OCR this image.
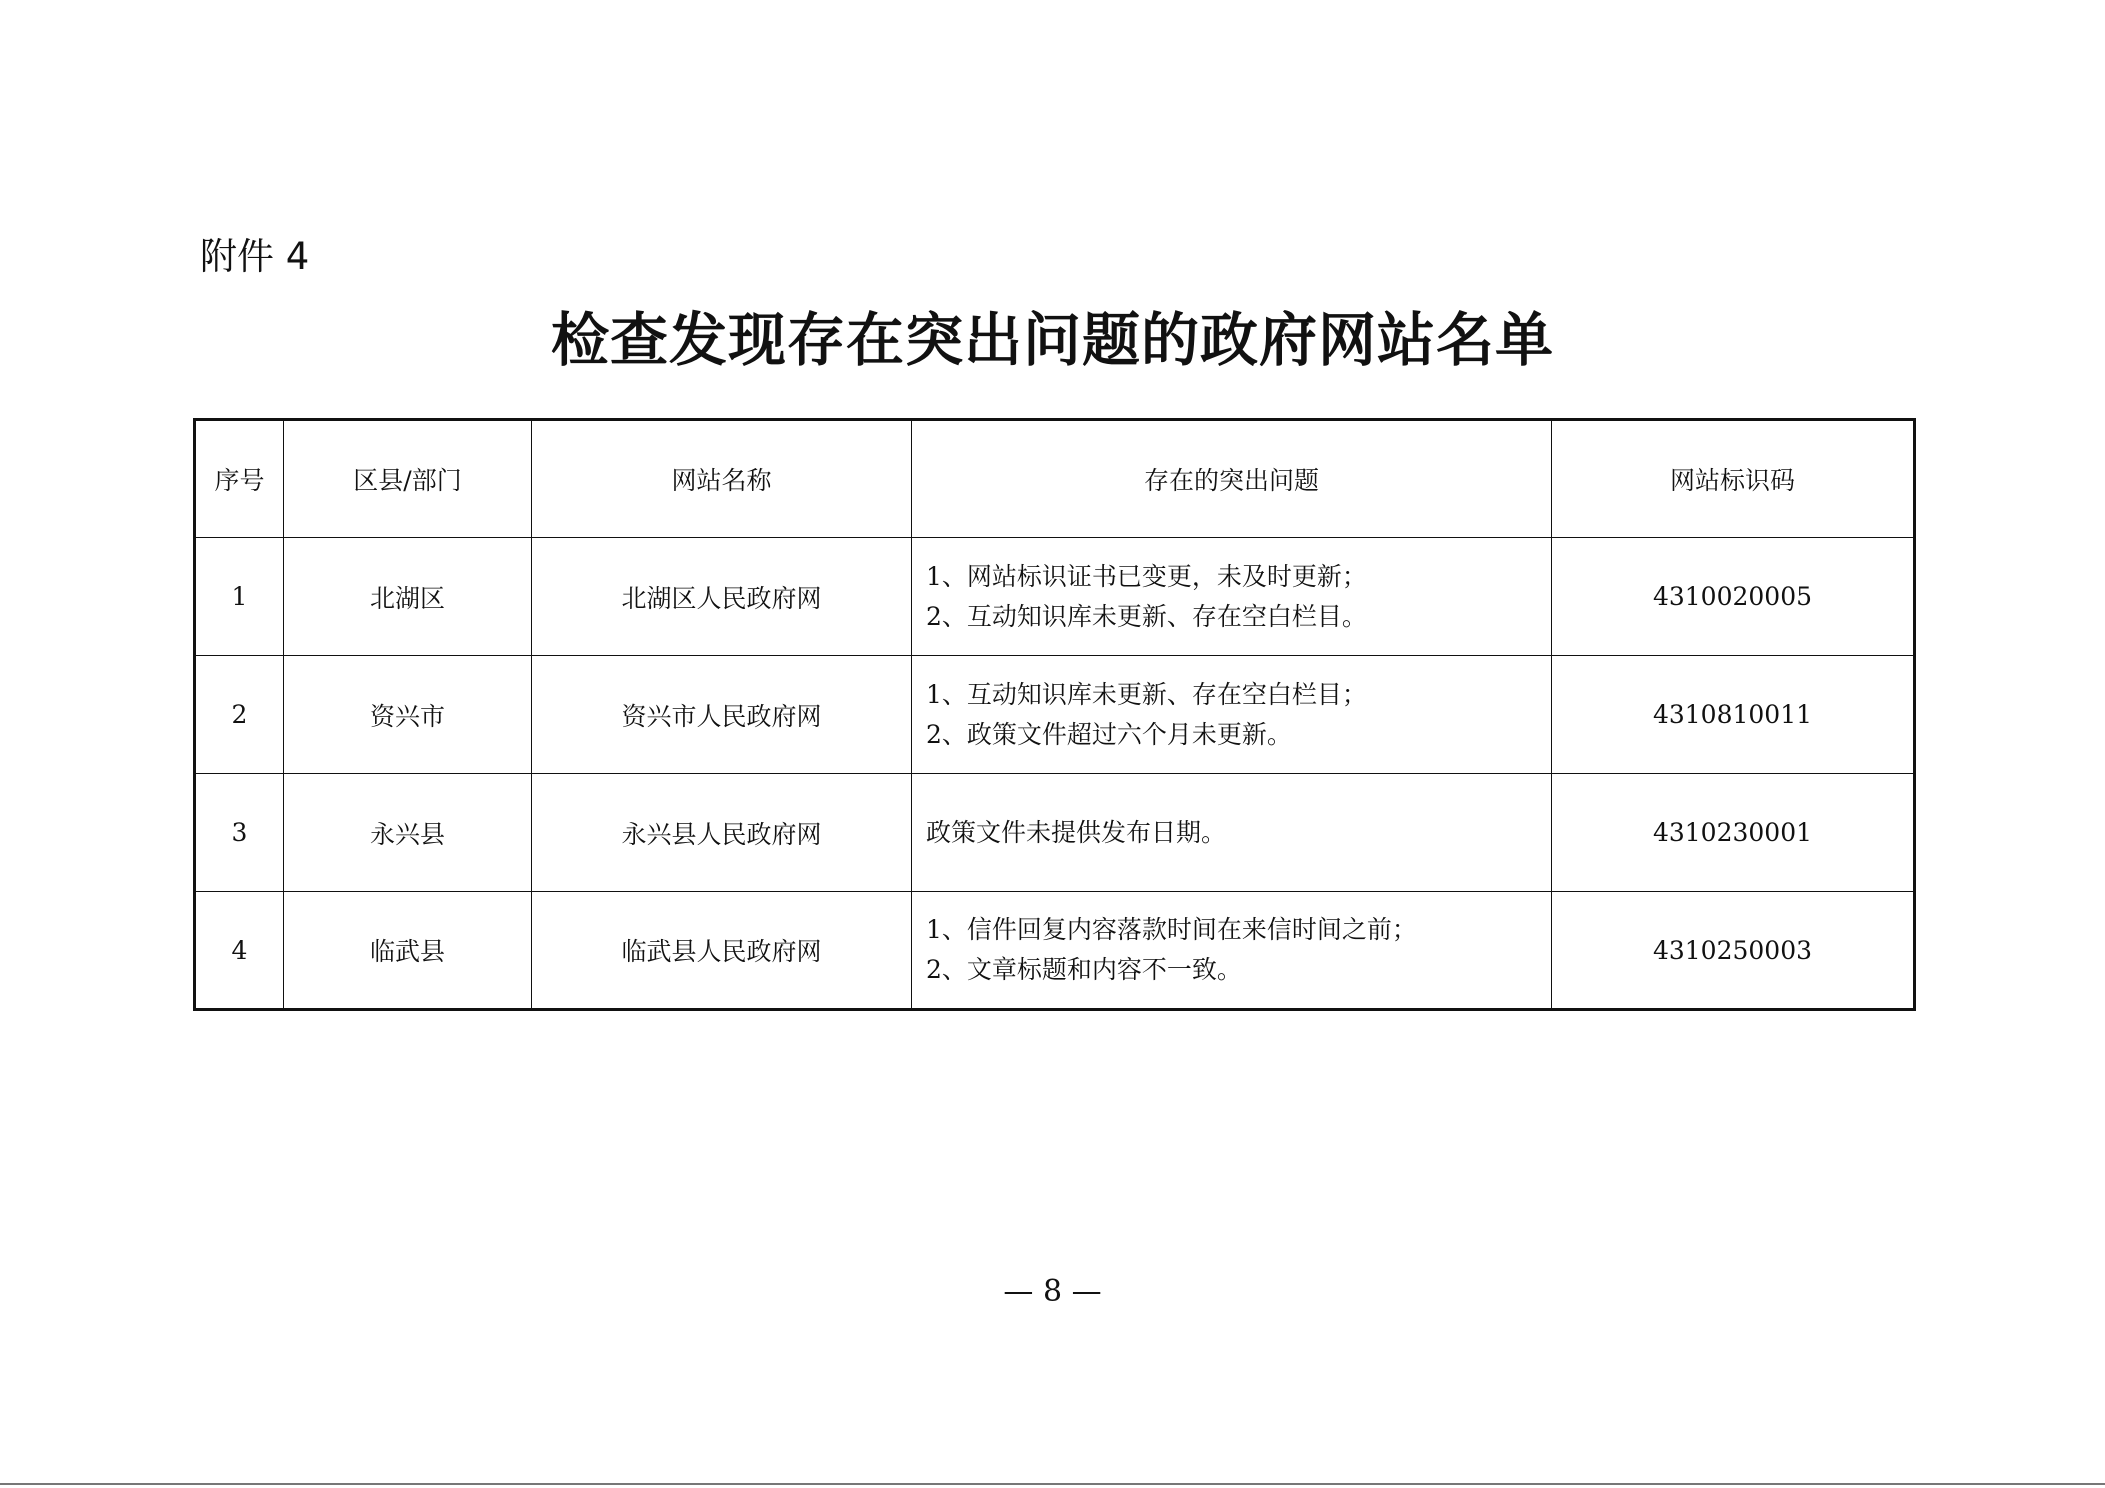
附件 4
检查发现存在突出问题的政府网站名单
序号	区县/部门	网站名称	存在的突出问题	网站标识码
1	北湖区	北湖区人民政府网	1、网站标识证书已变更，未及时更新；
2、互动知识库未更新、存在空白栏目。	4310020005
2	资兴市	资兴市人民政府网	1、互动知识库未更新、存在空白栏目；
2、政策文件超过六个月未更新。	4310810011
3	永兴县	永兴县人民政府网	政策文件未提供发布日期。	4310230001
4	临武县	临武县人民政府网	1、信件回复内容落款时间在来信时间之前；
2、文章标题和内容不一致。	4310250003
— 8 —
